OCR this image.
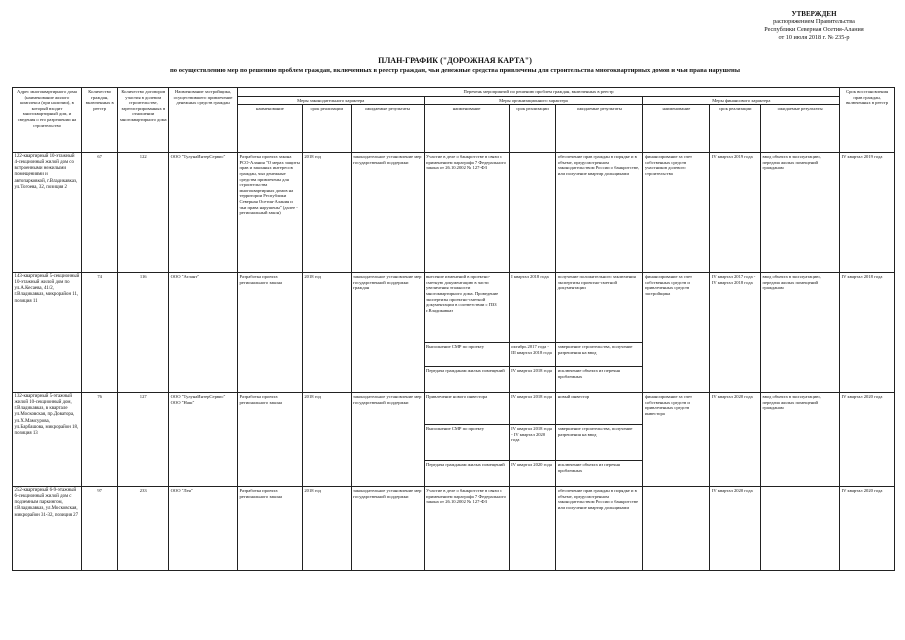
УТВЕРЖДЕН
распоряжением Правительства
Республики Северная Осетия-Алания
от 10 июля 2018 г. № 235-р
ПЛАН-ГРАФИК ("ДОРОЖНАЯ КАРТА")
по осуществлению мер по решению проблем граждан, включенных в реестр граждан, чьи денежные средства привлечены для строительства многоквартирных домов и чьи права нарушены
Адрес многоквартирного дома (наименование жилого комплекса (при наличии), в который входит многоквартирный дом, и сведения о его разрешении на строительство	Количество граждан, включенных в реестр	Количество договоров участия в долевом строительстве, зарегистрированных в отношении многоквартирного дома	Наименование застройщика, осуществившего привлечение денежных средств граждан	Перечень мероприятий по решению проблем граждан, включенных в реестр									Срок восстановления прав граждан, включенных в реестр
				Меры законодательного характера			Меры организационного характера			Меры финансового характера			
				наименование	срок реализации	ожидаемые результаты	наименование	срок реализации	ожидаемые результаты	наименование	срок реализации	ожидаемые результаты	
122-квартирный 10-этажный 4-секционный жилой дом со встроенными нежилыми помещениями и автопарковкой, г.Владикавказ, ул.Тогоева, 32, позиция 2	67	122	ООО "ТулунаИнтерСервис"	Разработка проекта закона РСО-Алания "О мерах защиты прав и законных интересов граждан, чьи денежные средства привлечены для строительства многоквартирных домов на территории Республики Северная Осетия-Алания и чьи права нарушены" (далее - региональный закон)	2018 год	законодательное установление мер государственной поддержки	Участие в деле о банкротстве в связи с применением параграфа 7 Федерального закона от 26.10.2002 № 127-ФЗ		обеспечение прав граждан в порядке и в объеме, предусмотренном законодательством России о банкротстве, или получение квартир дольщиками	финансирование за счет собственных средств участников долевого строительства	IV квартал 2019 года	ввод объекта в эксплуатацию, передача жилых помещений гражданам	IV квартал 2019 года
143-квартирный 5-секционный 10-этажный жилой дом по ул.А.Кесаева, 41/2, г.Владикавказ, микрорайон 11, позиция 11	74	116	ООО "Атлант"	Разработка проекта регионального закона	2018 год	законодательное установление мер государственной поддержки граждан	внесение изменений в проектно-сметную документацию в части увеличения этажности многоквартирного дома. Проведение экспертизы проектно-сметной документации в соответствии с ПЗЗ г.Владикавказ	I квартал 2018 года	получение положительного заключения экспертизы проектно-сметной документации	финансирование за счет собственных средств и привлеченных средств застройщика	IV квартал 2017 года - IV квартал 2018 года	ввод объекта в эксплуатацию, передача жилых помещений гражданам	IV квартал 2018 года
							Выполнение СМР по проекту	октябрь 2017 года - III квартал 2018 года	завершение строительства, получение разрешения на ввод				
							Передача гражданам жилых помещений	IV квартал 2018 года	исключение объекта из перечня проблемных				
132-квартирный 5-этажный жилой 10-секционный дом, г.Владикавказ, в квартале ул.Московская, пр.Доватора, ул.Х.Мамсурова, ул.Барбашова, микрорайон 18, позиция 13	76	127	ООО "ТулунаИнтерСервис" ООО "Наш"	Разработка проекта регионального закона	2018 год	законодательное установление мер государственной поддержки	Привлечение нового инвестора	IV квартал 2018 года	новый инвестор	финансирование за счет собственных средств и привлеченных средств инвестора	IV квартал 2020 года	ввод объекта в эксплуатацию, передача жилых помещений гражданам	IV квартал 2020 года
							Выполнение СМР по проекту	IV квартал 2018 года - IV квартал 2020 года	завершение строительства, получение разрешения на ввод				
							Передача гражданам жилых помещений	IV квартал 2020 года	исключение объекта из перечня проблемных				
252-квартирный 6-9-этажный 6-секционный жилой дом с подземным паркингом, г.Владикавказ, ул.Московская, микрорайон 31-32, позиция 27	97	233	ООО "Лея"	Разработка проекта регионального закона	2018 год	законодательное установление мер государственной поддержки	Участие в деле о банкротстве в связи с применением параграфа 7 Федерального закона от 26.10.2002 № 127-ФЗ		обеспечение прав граждан в порядке и в объеме, предусмотренном законодательством России о банкротстве или получение квартир дольщиками		IV квартал 2020 года		IV квартал 2020 года
